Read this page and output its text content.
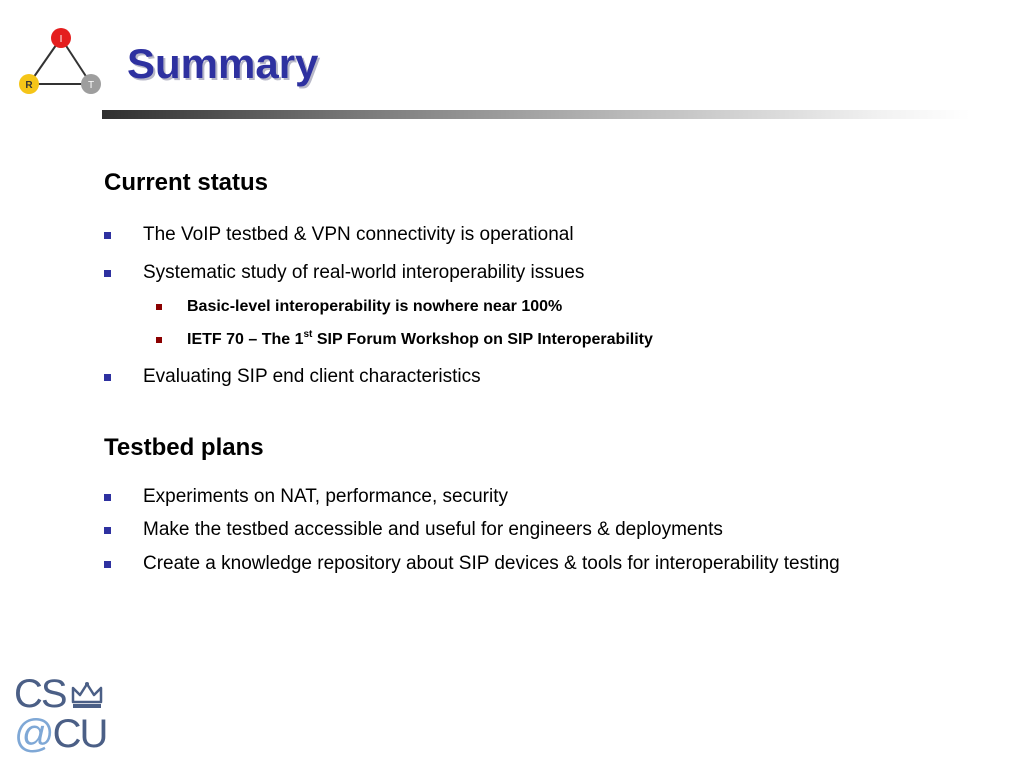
I
R	T Summary
Current status
The VoIP testbed & VPN connectivity is operational
Systematic study of real-world interoperability issues
Basic-level interoperability is nowhere near 100%
IETF 70 – The 1st SIP Forum Workshop on SIP Interoperability
Evaluating SIP end client characteristics
Testbed plans
Experiments on NAT, performance, security
Make the testbed accessible and useful for engineers & deployments
Create a knowledge repository about SIP devices & tools for interoperability testing
CS
@CU
